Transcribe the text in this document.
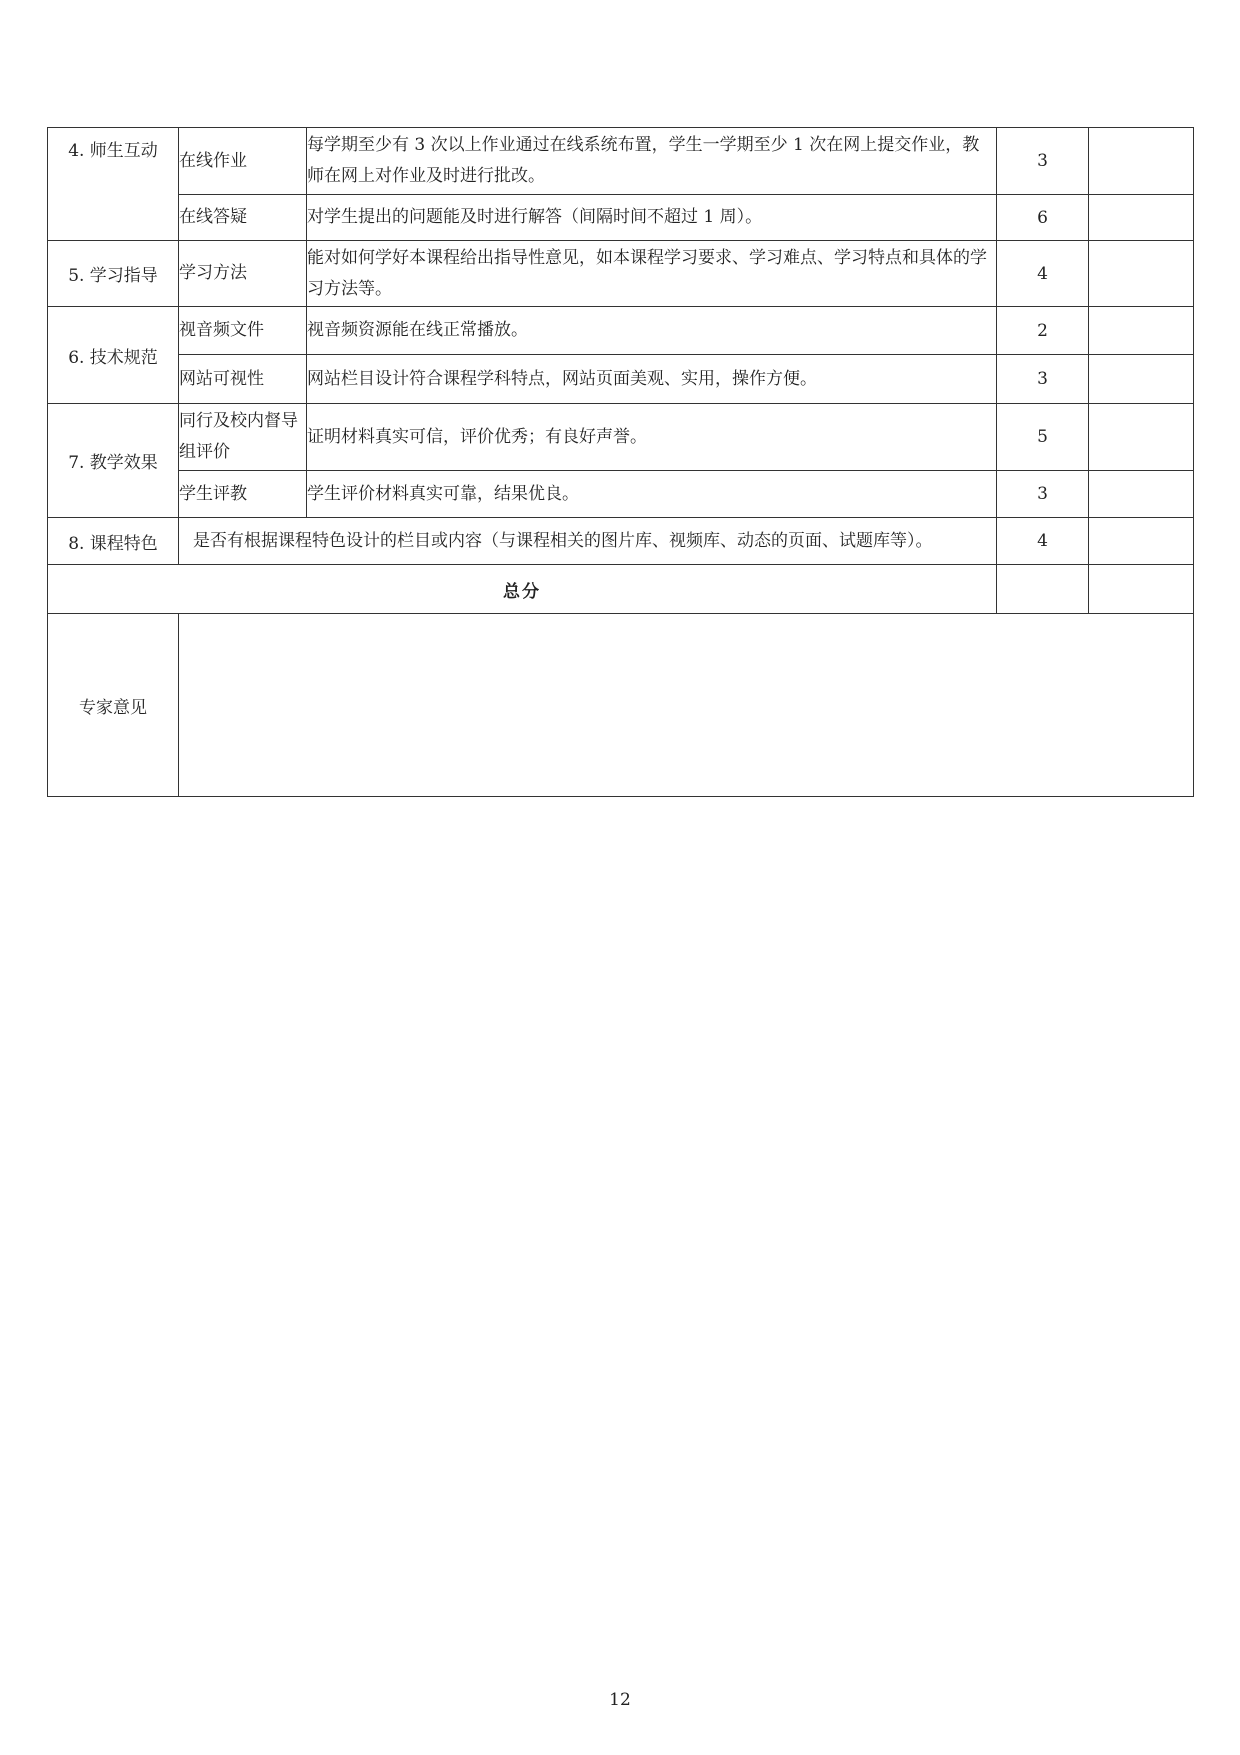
4. 师生互动	在线作业	每学期至少有 3 次以上作业通过在线系统布置，学生一学期至少 1 次在网上提交作业，教师在网上对作业及时进行批改。	3	
	在线答疑	对学生提出的问题能及时进行解答（间隔时间不超过 1 周）。	6	
5. 学习指导	学习方法	能对如何学好本课程给出指导性意见，如本课程学习要求、学习难点、学习特点和具体的学习方法等。	4	
6. 技术规范	视音频文件	视音频资源能在线正常播放。	2	
	网站可视性	网站栏目设计符合课程学科特点，网站页面美观、实用，操作方便。	3	
7. 教学效果	同行及校内督导组评价	证明材料真实可信，评价优秀；有良好声誉。	5	
	学生评教	学生评价材料真实可靠，结果优良。	3	
8. 课程特色	是否有根据课程特色设计的栏目或内容（与课程相关的图片库、视频库、动态的页面、试题库等）。		4	
总分				
专家意见				
12
